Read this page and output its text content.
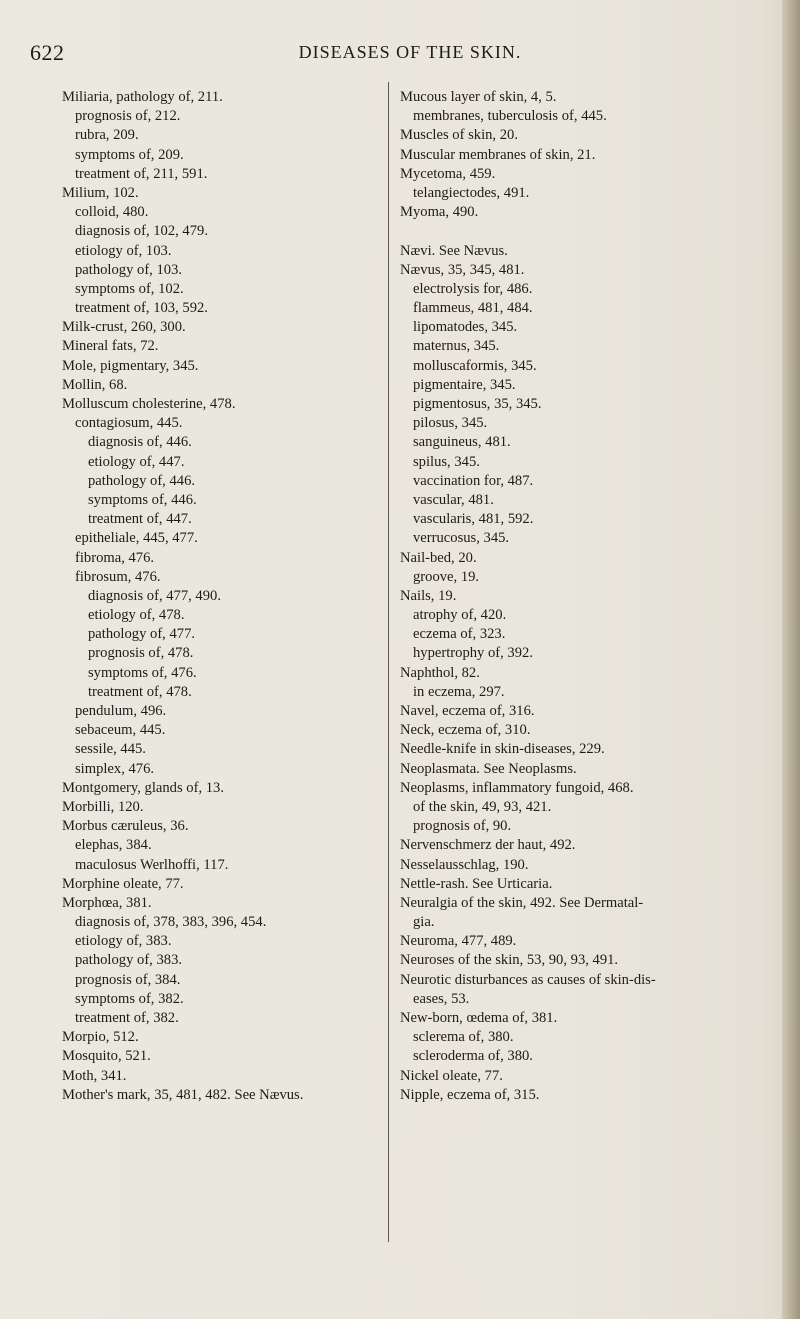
622	DISEASES OF THE SKIN.
Miliaria, pathology of, 211.
prognosis of, 212.
rubra, 209.
symptoms of, 209.
treatment of, 211, 591.
Milium, 102.
colloid, 480.
diagnosis of, 102, 479.
etiology of, 103.
pathology of, 103.
symptoms of, 102.
treatment of, 103, 592.
Milk-crust, 260, 300.
Mineral fats, 72.
Mole, pigmentary, 345.
Mollin, 68.
Molluscum cholesterine, 478.
contagiosum, 445.
diagnosis of, 446.
etiology of, 447.
pathology of, 446.
symptoms of, 446.
treatment of, 447.
epitheliale, 445, 477.
fibroma, 476.
fibrosum, 476.
diagnosis of, 477, 490.
etiology of, 478.
pathology of, 477.
prognosis of, 478.
symptoms of, 476.
treatment of, 478.
pendulum, 496.
sebaceum, 445.
sessile, 445.
simplex, 476.
Montgomery, glands of, 13.
Morbilli, 120.
Morbus cæruleus, 36.
elephas, 384.
maculosus Werlhoffi, 117.
Morphine oleate, 77.
Morphœa, 381.
diagnosis of, 378, 383, 396, 454.
etiology of, 383.
pathology of, 383.
prognosis of, 384.
symptoms of, 382.
treatment of, 382.
Morpio, 512.
Mosquito, 521.
Moth, 341.
Mother's mark, 35, 481, 482. See Nævus.
Mucous layer of skin, 4, 5.
membranes, tuberculosis of, 445.
Muscles of skin, 20.
Muscular membranes of skin, 21.
Mycetoma, 459.
telangiectodes, 491.
Myoma, 490.
Nævi. See Nævus.
Nævus, 35, 345, 481.
electrolysis for, 486.
flammeus, 481, 484.
lipomatodes, 345.
maternus, 345.
molluscaformis, 345.
pigmentaire, 345.
pigmentosus, 35, 345.
pilosus, 345.
sanguineus, 481.
spilus, 345.
vaccination for, 487.
vascular, 481.
vascularis, 481, 592.
verrucosus, 345.
Nail-bed, 20.
groove, 19.
Nails, 19.
atrophy of, 420.
eczema of, 323.
hypertrophy of, 392.
Naphthol, 82.
in eczema, 297.
Navel, eczema of, 316.
Neck, eczema of, 310.
Needle-knife in skin-diseases, 229.
Neoplasmata. See Neoplasms.
Neoplasms, inflammatory fungoid, 468.
of the skin, 49, 93, 421.
prognosis of, 90.
Nervenschmerz der haut, 492.
Nesselausschlag, 190.
Nettle-rash. See Urticaria.
Neuralgia of the skin, 492. See Dermatal-
gia.
Neuroma, 477, 489.
Neuroses of the skin, 53, 90, 93, 491.
Neurotic disturbances as causes of skin-dis-
eases, 53.
New-born, œdema of, 381.
sclerema of, 380.
scleroderma of, 380.
Nickel oleate, 77.
Nipple, eczema of, 315.
